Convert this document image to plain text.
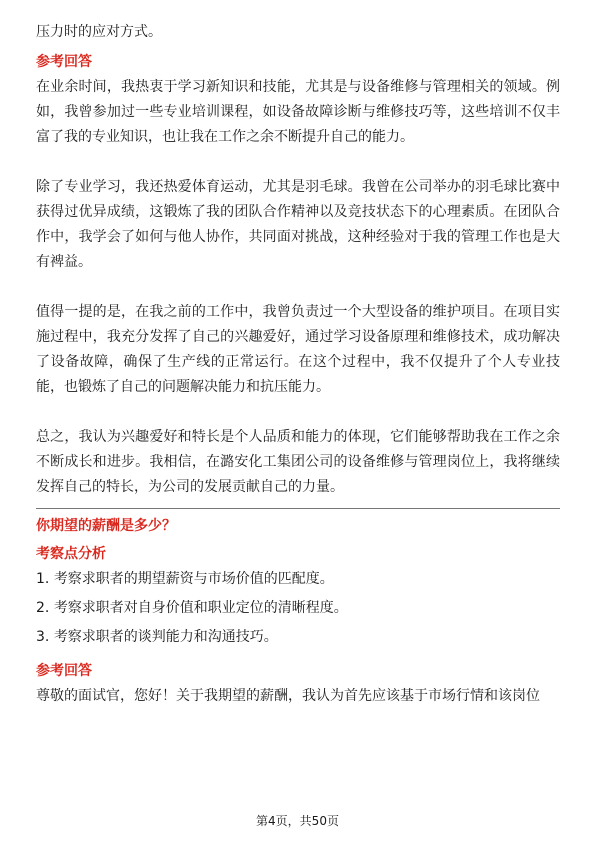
压力时的应对方式。

参考回答

在业余时间，我热衷于学习新知识和技能，尤其是与设备维修与管理相关的领域。例如，我曾参加过一些专业培训课程，如设备故障诊断与维修技巧等，这些培训不仅丰富了我的专业知识，也让我在工作之余不断提升自己的能力。

除了专业学习，我还热爱体育运动，尤其是羽毛球。我曾在公司举办的羽毛球比赛中获得过优异成绩，这锻炼了我的团队合作精神以及竞技状态下的心理素质。在团队合作中，我学会了如何与他人协作，共同面对挑战，这种经验对于我的管理工作也是大有裨益。

值得一提的是，在我之前的工作中，我曾负责过一个大型设备的维护项目。在项目实施过程中，我充分发挥了自己的兴趣爱好，通过学习设备原理和维修技术，成功解决了设备故障，确保了生产线的正常运行。在这个过程中，我不仅提升了个人专业技能，也锻炼了自己的问题解决能力和抗压能力。

总之，我认为兴趣爱好和特长是个人品质和能力的体现，它们能够帮助我在工作之余不断成长和进步。我相信，在潞安化工集团公司的设备维修与管理岗位上，我将继续发挥自己的特长，为公司的发展贡献自己的力量。

你期望的薪酬是多少？

考察点分析

1. 考察求职者的期望薪资与市场价值的匹配度。
2. 考察求职者对自身价值和职业定位的清晰程度。
3. 考察求职者的谈判能力和沟通技巧。

参考回答

尊敬的面试官，您好！关于我期望的薪酬，我认为首先应该基于市场行情和该岗位

第4页，共50页
